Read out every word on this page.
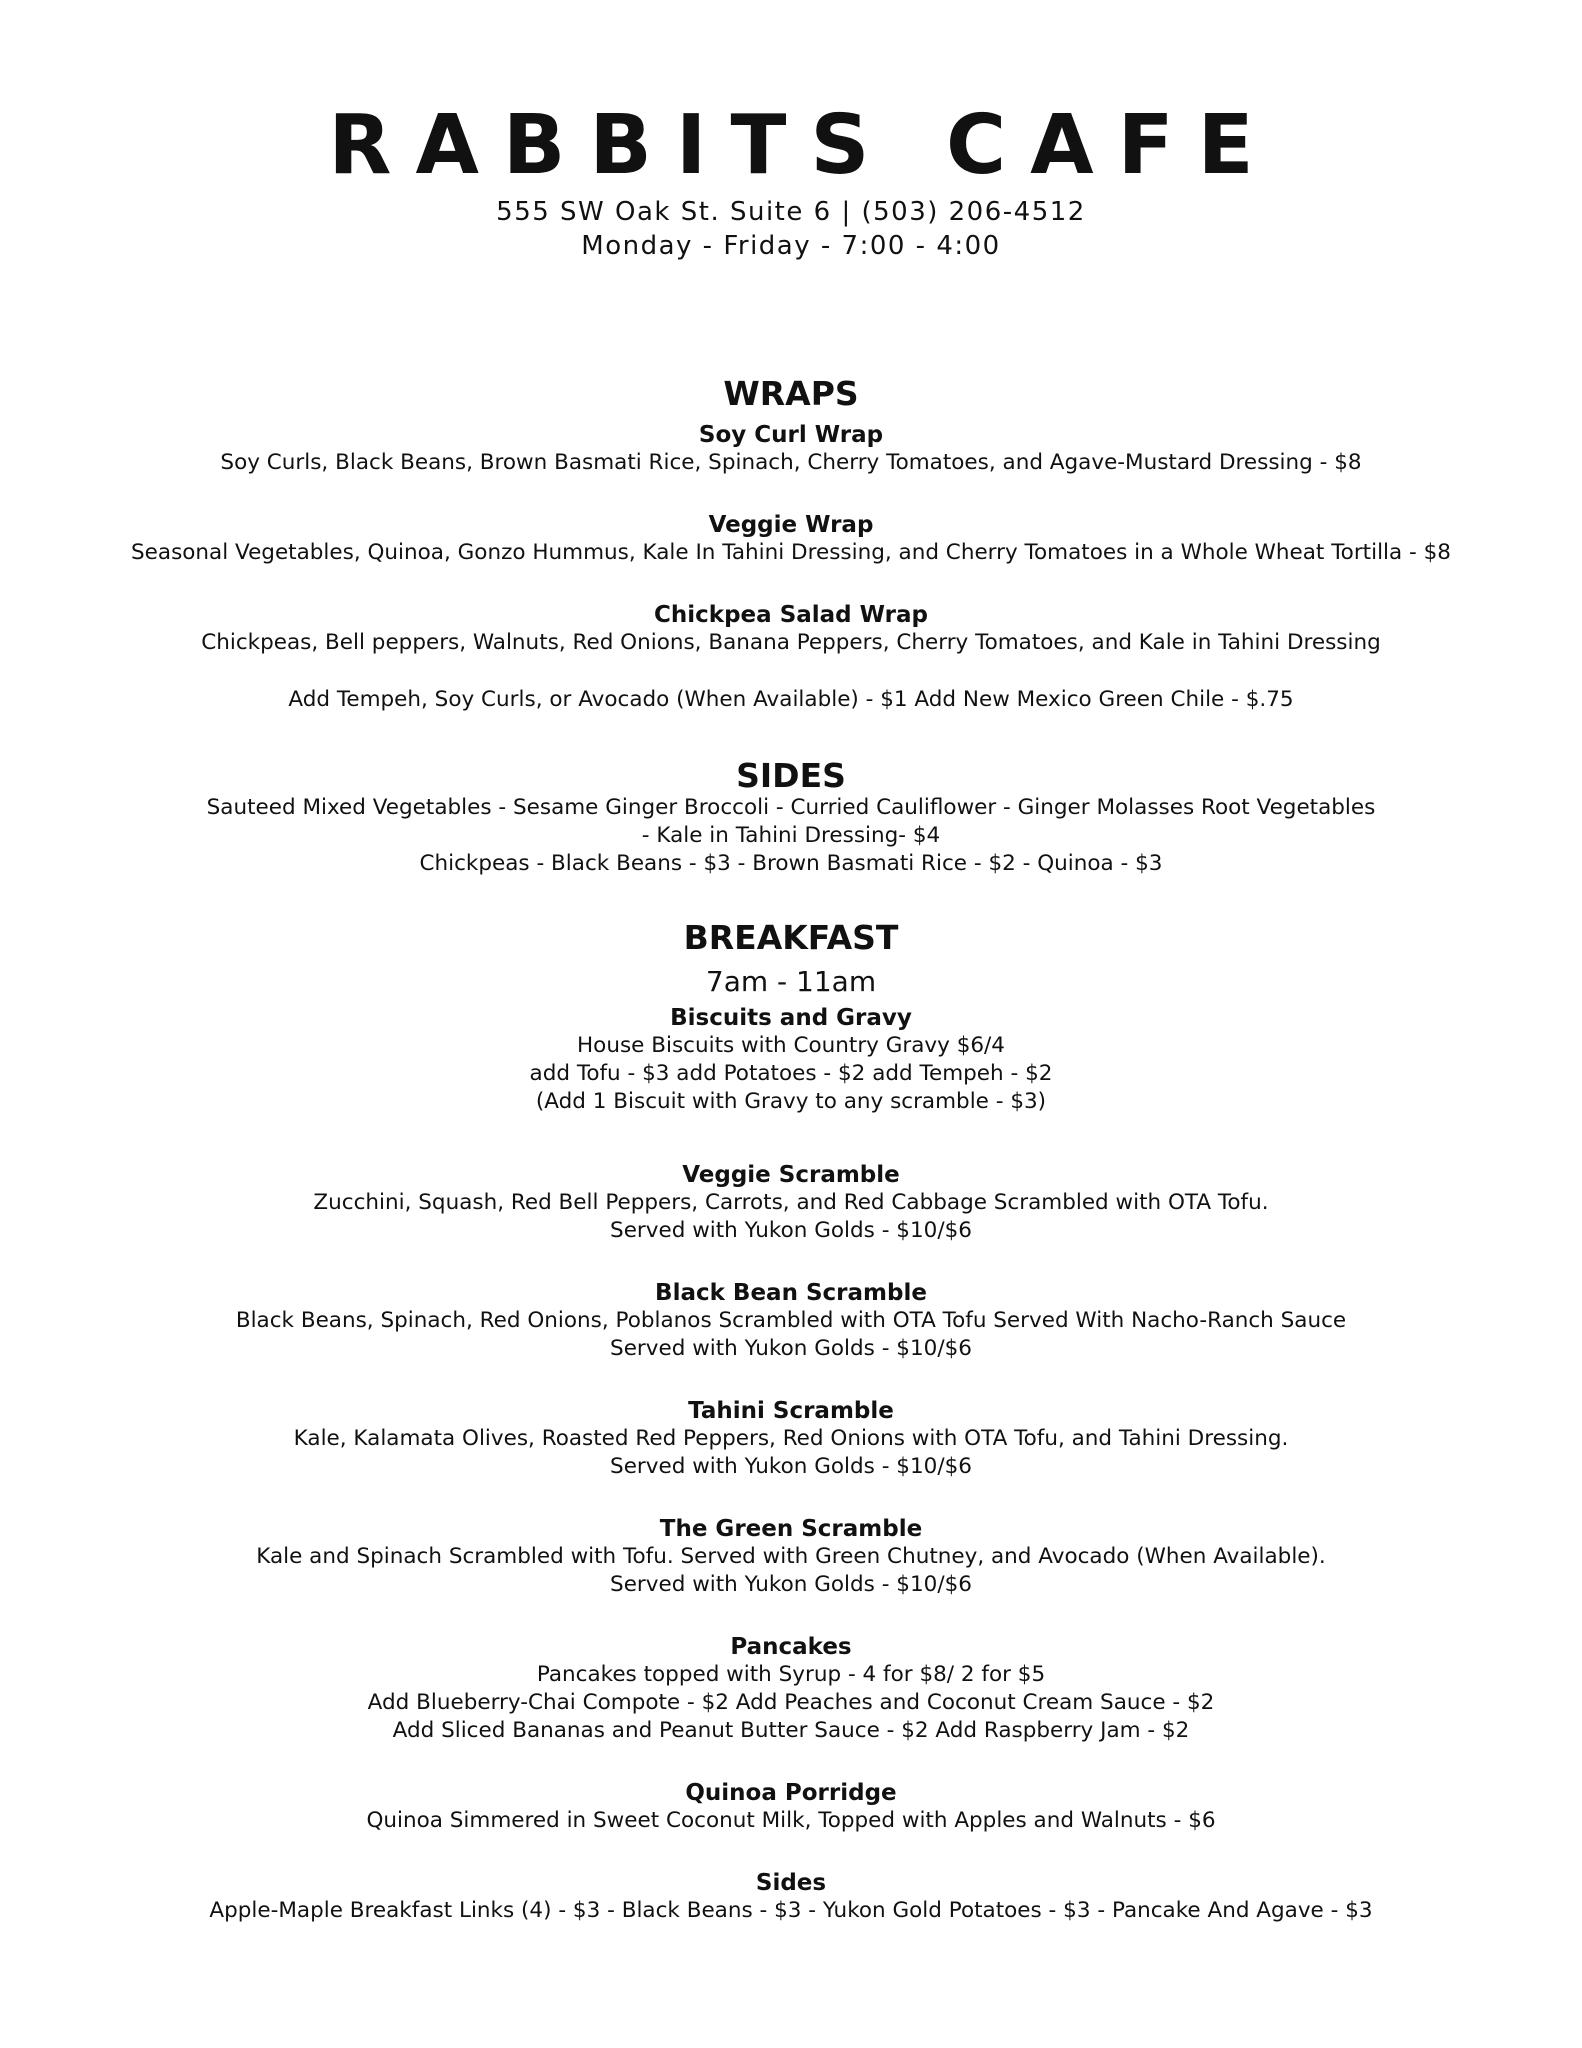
RABBITS CAFE
555 SW Oak St. Suite 6 | (503) 206-4512
Monday - Friday - 7:00 - 4:00
WRAPS
Soy Curl Wrap
Soy Curls, Black Beans, Brown Basmati Rice, Spinach, Cherry Tomatoes, and Agave-Mustard Dressing - $8
Veggie Wrap
Seasonal Vegetables, Quinoa, Gonzo Hummus, Kale In Tahini Dressing, and Cherry Tomatoes in a Whole Wheat Tortilla - $8
Chickpea Salad Wrap
Chickpeas, Bell peppers, Walnuts, Red Onions, Banana Peppers, Cherry Tomatoes, and Kale in Tahini Dressing
Add Tempeh, Soy Curls, or Avocado (When Available) - $1 Add New Mexico Green Chile - $.75
SIDES
Sauteed Mixed Vegetables - Sesame Ginger Broccoli - Curried Cauliflower - Ginger Molasses Root Vegetables
- Kale in Tahini Dressing- $4
Chickpeas - Black Beans - $3 - Brown Basmati Rice - $2 - Quinoa - $3
BREAKFAST
7am - 11am
Biscuits and Gravy
House Biscuits with Country Gravy $6/4
add Tofu - $3 add Potatoes - $2 add Tempeh - $2
(Add 1 Biscuit with Gravy to any scramble - $3)
Veggie Scramble
Zucchini, Squash, Red Bell Peppers, Carrots, and Red Cabbage Scrambled with OTA Tofu.
Served with Yukon Golds - $10/$6
Black Bean Scramble
Black Beans, Spinach, Red Onions, Poblanos Scrambled with OTA Tofu Served With Nacho-Ranch Sauce
Served with Yukon Golds - $10/$6
Tahini Scramble
Kale, Kalamata Olives, Roasted Red Peppers, Red Onions with OTA Tofu, and Tahini Dressing.
Served with Yukon Golds - $10/$6
The Green Scramble
Kale and Spinach Scrambled with Tofu. Served with Green Chutney, and Avocado (When Available).
Served with Yukon Golds - $10/$6
Pancakes
Pancakes topped with Syrup - 4 for $8/ 2 for $5
Add Blueberry-Chai Compote - $2 Add Peaches and Coconut Cream Sauce - $2
Add Sliced Bananas and Peanut Butter Sauce - $2 Add Raspberry Jam - $2
Quinoa Porridge
Quinoa Simmered in Sweet Coconut Milk, Topped with Apples and Walnuts - $6
Sides
Apple-Maple Breakfast Links (4) - $3 - Black Beans - $3 - Yukon Gold Potatoes - $3 - Pancake And Agave - $3
